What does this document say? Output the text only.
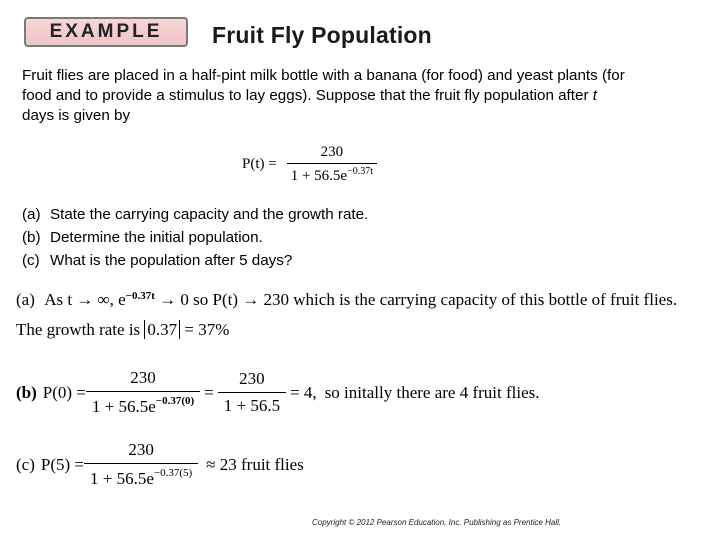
EXAMPLE	Fruit Fly Population
Fruit flies are placed in a half-pint milk bottle with a banana (for food) and yeast plants (for food and to provide a stimulus to lay eggs). Suppose that the fruit fly population after t days is given by
$P(t) = \frac{230}{1 + 56.5e^{-0.37t}}$
(a) State the carrying capacity and the growth rate.
(b) Determine the initial population.
(c) What is the population after 5 days?
(a) As t → ∞, $e^{-0.37t} \to 0$ so P(t) → 230 which is the carrying capacity of this bottle of fruit flies.
The growth rate is 0.37 = 37%
(b) $P(0) = \frac{230}{1 + 56.5e^{-0.37(0)}} = \frac{230}{1 + 56.5} = 4$, so initally there are 4 fruit flies.
(c) $P(5) = \frac{230}{1 + 56.5e^{-0.37(5)}} \approx 23$ fruit flies
Copyright © 2012 Pearson Education, Inc. Publishing as Prentice Hall.
